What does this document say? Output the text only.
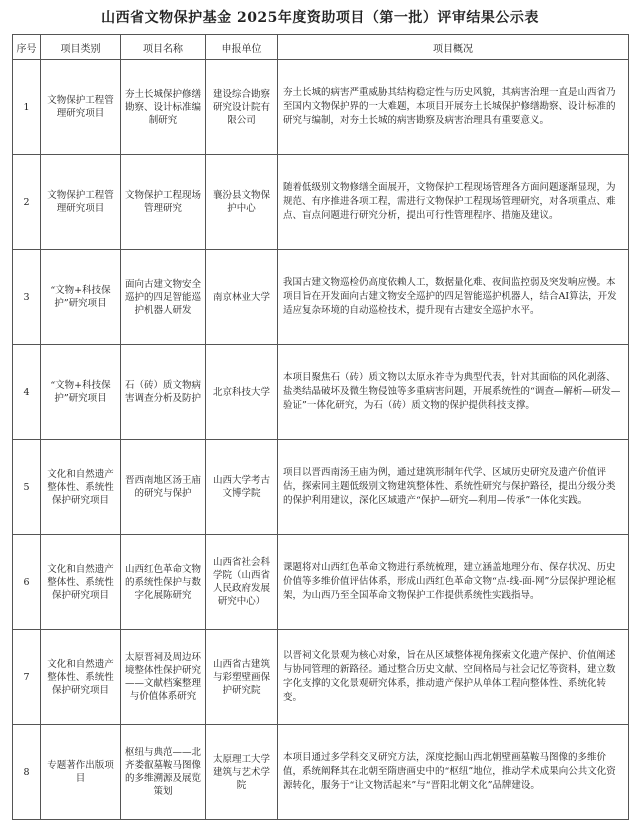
山西省文物保护基金 2025年度资助项目（第一批）评审结果公示表
序号	项目类别	项目名称	申报单位	项目概况
1	文物保护工程管理研究项目	夯土长城保护修缮勘察、设计标准编制研究	建设综合勘察研究设计院有限公司	夯土长城的病害严重威胁其结构稳定性与历史风貌，其病害治理一直是山西省乃至国内文物保护界的一大难题，本项目开展夯土长城保护修缮勘察、设计标准的研究与编制，对夯土长城的病害勘察及病害治理具有重要意义。
2	文物保护工程管理研究项目	文物保护工程现场管理研究	襄汾县文物保护中心	随着低级别文物修缮全面展开，文物保护工程现场管理各方面问题逐渐显现，为规范、有序推进各项工程，需进行文物保护工程现场管理研究，对各项重点、难点、盲点问题进行研究分析，提出可行性管理程序、措施及建议。
3	“文物+科技保护”研究项目	面向古建文物安全巡护的四足智能巡护机器人研发	南京林业大学	我国古建文物巡检仍高度依赖人工，数据量化难、夜间监控弱及突发响应慢。本项目旨在开发面向古建文物安全巡护的四足智能巡护机器人，结合AI算法，开发适应复杂环境的自动巡检技术，提升现有古建安全巡护水平。
4	“文物+科技保护”研究项目	石（砖）质文物病害调查分析及防护	北京科技大学	本项目聚焦石（砖）质文物以太原永祚寺为典型代表，针对其面临的风化剥落、盐类结晶破坏及微生物侵蚀等多重病害问题，开展系统性的“调查—解析—研发—验证”一体化研究，为石（砖）质文物的保护提供科技支撑。
5	文化和自然遗产整体性、系统性保护研究项目	晋西南地区汤王庙的研究与保护	山西大学考古文博学院	项目以晋西南汤王庙为例，通过建筑形制年代学、区域历史研究及遗产价值评估，探索同主题低级别文物建筑整体性、系统性研究与保护路径，提出分级分类的保护利用建议，深化区域遗产“保护—研究—利用—传承”一体化实践。
6	文化和自然遗产整体性、系统性保护研究项目	山西红色革命文物的系统性保护与数字化展陈研究	山西省社会科学院（山西省人民政府发展研究中心）	课题将对山西红色革命文物进行系统梳理，建立涵盖地理分布、保存状况、历史价值等多维价值评估体系，形成山西红色革命文物“点-线-面-网”分层保护理论框架，为山西乃至全国革命文物保护工作提供系统性实践指导。
7	文化和自然遗产整体性、系统性保护研究项目	太原晋祠及周边环境整体性保护研究——文献档案整理与价值体系研究	山西省古建筑与彩塑壁画保护研究院	以晋祠文化景观为核心对象，旨在从区域整体视角探索文化遗产保护、价值阐述与协同管理的新路径。通过整合历史文献、空间格局与社会记忆等资料，建立数字化支撑的文化景观研究体系，推动遗产保护从单体工程向整体性、系统化转变。
8	专题著作出版项目	枢纽与典范——北齐娄叡墓鞍马图像的多维溯源及展览策划	太原理工大学建筑与艺术学院	本项目通过多学科交叉研究方法，深度挖掘山西北朝壁画墓鞍马图像的多维价值，系统阐释其在北朝至隋唐画史中的“枢纽”地位，推动学术成果向公共文化资源转化，服务于“让文物活起来”与“晋阳北朝文化”品牌建设。
